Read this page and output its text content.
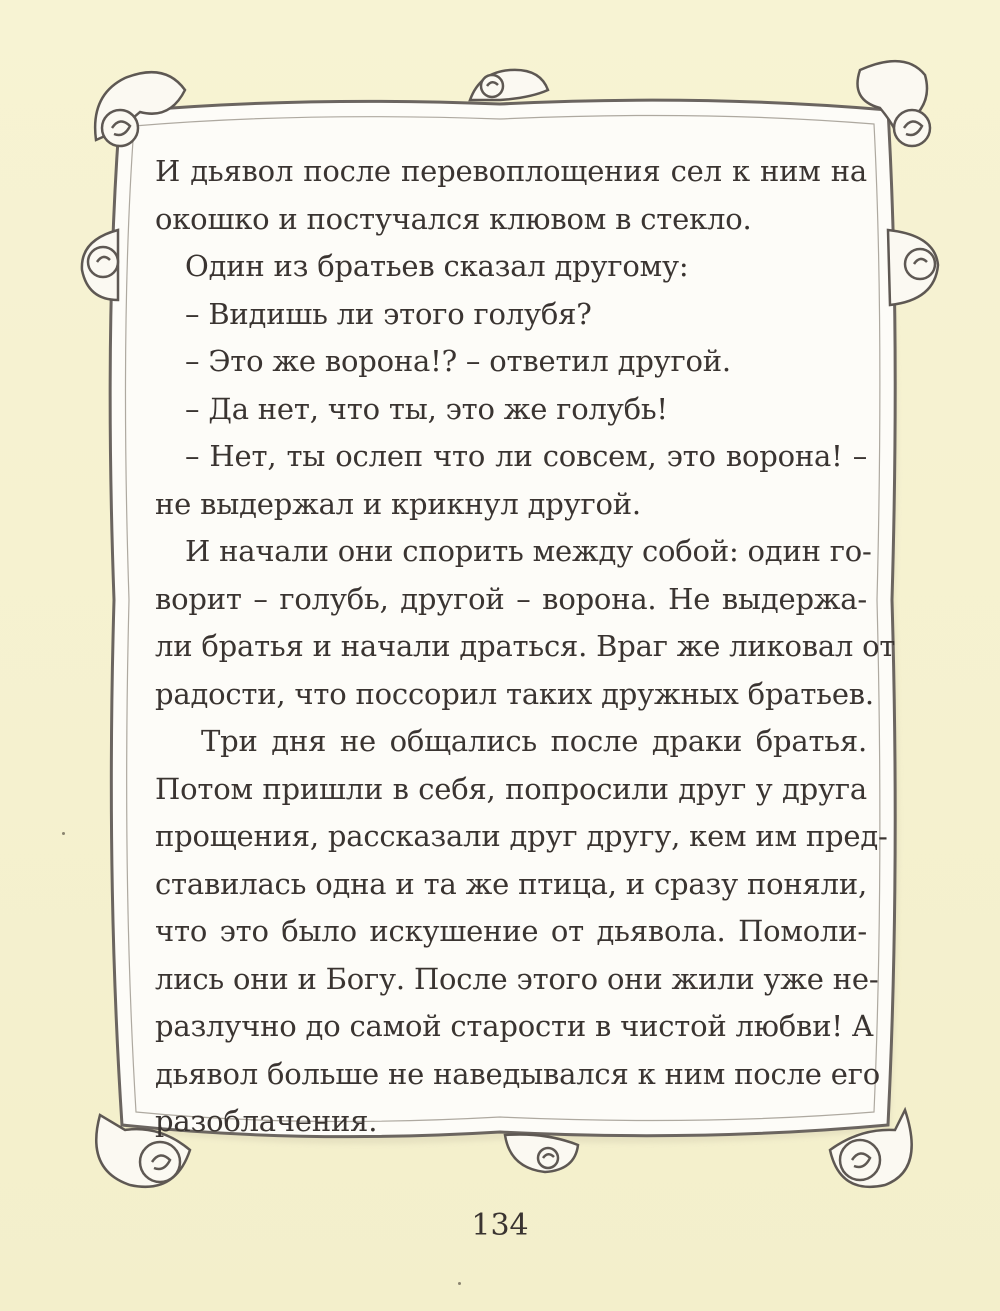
И дьявол после перевоплощения сел к ним на
окошко и постучался клювом в стекло.
Один из братьев сказал другому:
– Видишь ли этого голубя?
– Это же ворона!? – ответил другой.
– Да нет, что ты, это же голубь!
– Нет, ты ослеп что ли совсем, это ворона! –
не выдержал и крикнул другой.
И начали они спорить между собой: один го-
ворит – голубь, другой – ворона. Не выдержа-
ли братья и начали драться. Враг же ликовал от
радости, что поссорил таких дружных братьев.
Три дня не общались после драки братья.
Потом пришли в себя, попросили друг у друга
прощения, рассказали друг другу, кем им пред-
ставилась одна и та же птица, и сразу поняли,
что это было искушение от дьявола. Помоли-
лись они и Богу. После этого они жили уже не-
разлучно до самой старости в чистой любви! А
дьявол больше не наведывался к ним после его
разоблачения.
134
